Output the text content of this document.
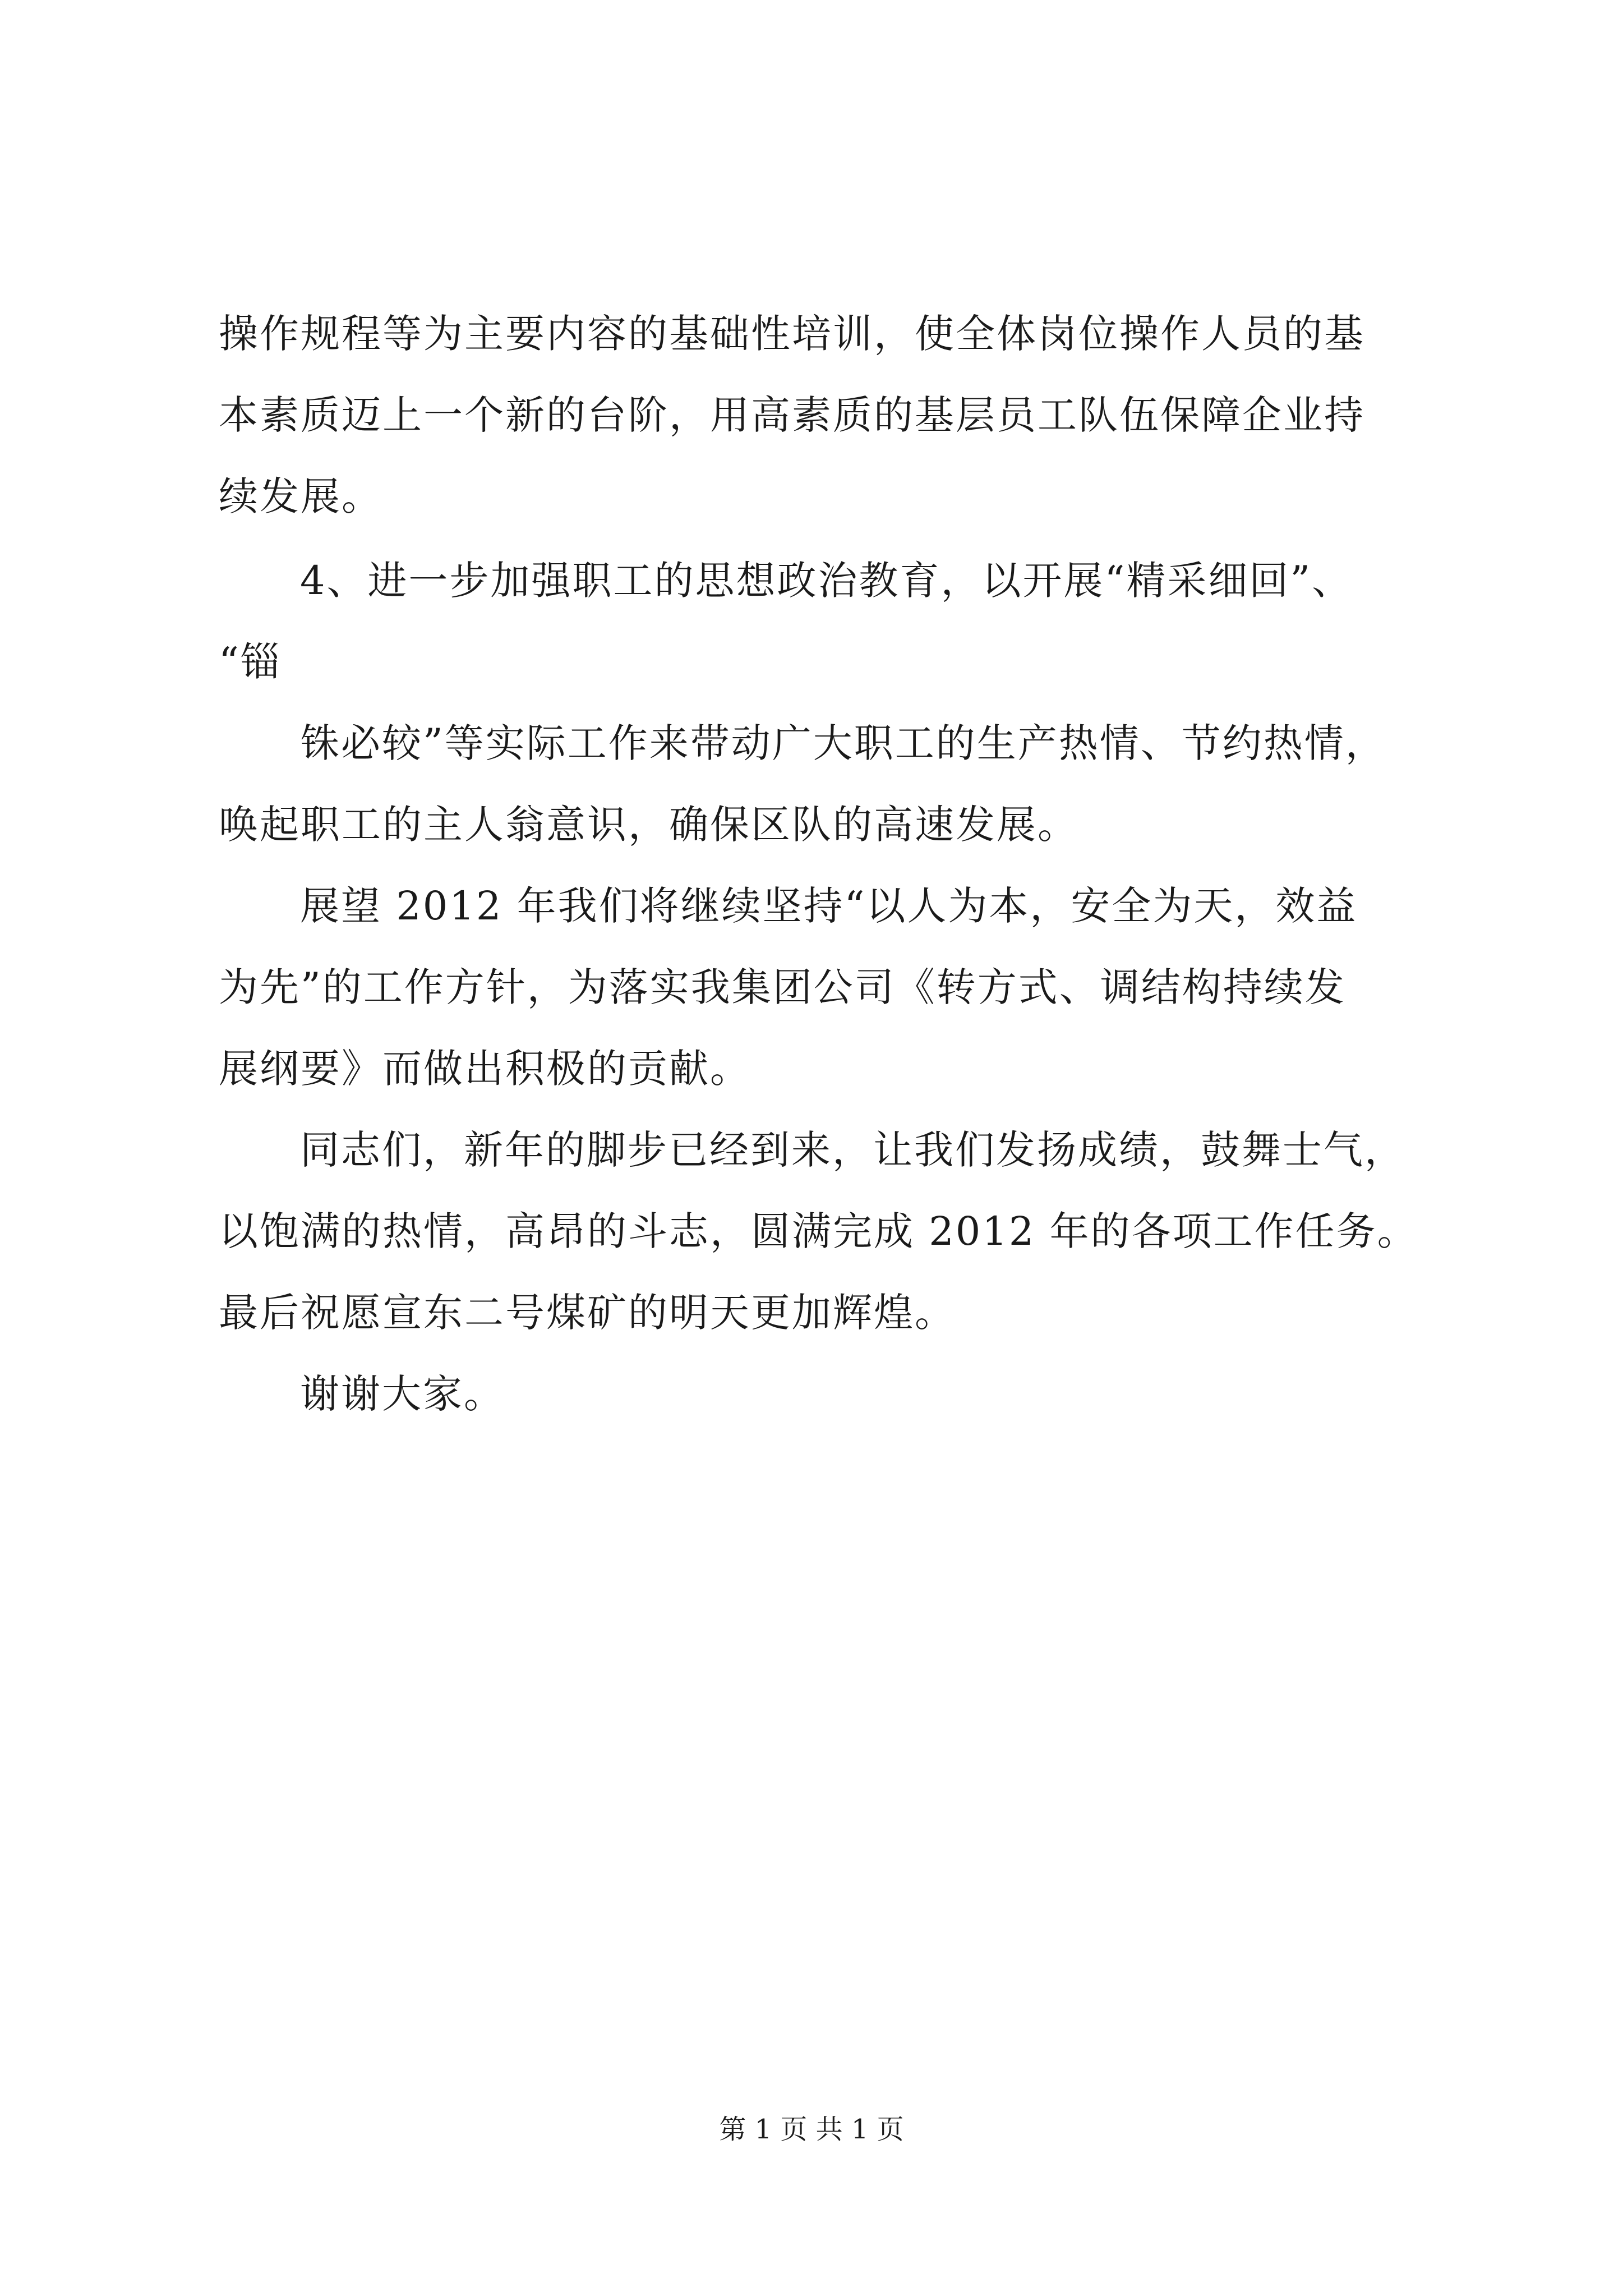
操作规程等为主要内容的基础性培训，使全体岗位操作人员的基
本素质迈上一个新的台阶，用高素质的基层员工队伍保障企业持
续发展。
4、进一步加强职工的思想政治教育，以开展“精采细回”、
“锱
铢必较”等实际工作来带动广大职工的生产热情、节约热情，
唤起职工的主人翁意识，确保区队的高速发展。
展望 2012 年我们将继续坚持“以人为本，安全为天，效益
为先”的工作方针，为落实我集团公司《转方式、调结构持续发
展纲要》而做出积极的贡献。
同志们，新年的脚步已经到来，让我们发扬成绩，鼓舞士气，
以饱满的热情，高昂的斗志，圆满完成 2012 年的各项工作任务。
最后祝愿宣东二号煤矿的明天更加辉煌。
谢谢大家。
第 1 页 共 1 页
